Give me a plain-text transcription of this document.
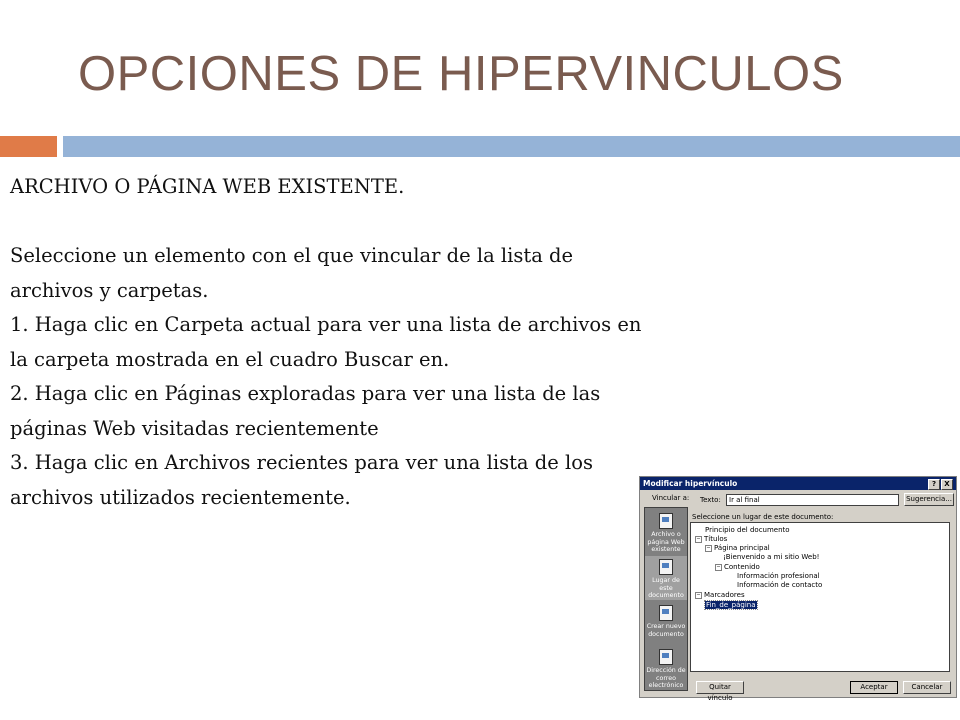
OPCIONES DE HIPERVINCULOS

ARCHIVO O PÁGINA WEB EXISTENTE.

Seleccione un elemento con el que vincular de la lista de archivos y carpetas.

1. Haga clic en Carpeta actual para ver una lista de archivos en la carpeta mostrada en el cuadro Buscar en.

2. Haga clic en Páginas exploradas para ver una lista de las páginas Web visitadas recientemente

3. Haga clic en Archivos recientes para ver una lista de los archivos utilizados recientemente.

Modificar hipervínculo	?	X
Vincular a: Texto:	Ir al final	Sugerencia...
Archivo o página Web existente
Lugar de este documento
Crear nuevo documento
Dirección de correo electrónico
Seleccione un lugar de este documento:
Principio del documento
− Títulos
− Página principal
¡Bienvenido a mi sitio Web!
− Contenido
Información profesional
Información de contacto
− Marcadores
Fin_de_página
Quitar vínculo
Aceptar	Cancelar
